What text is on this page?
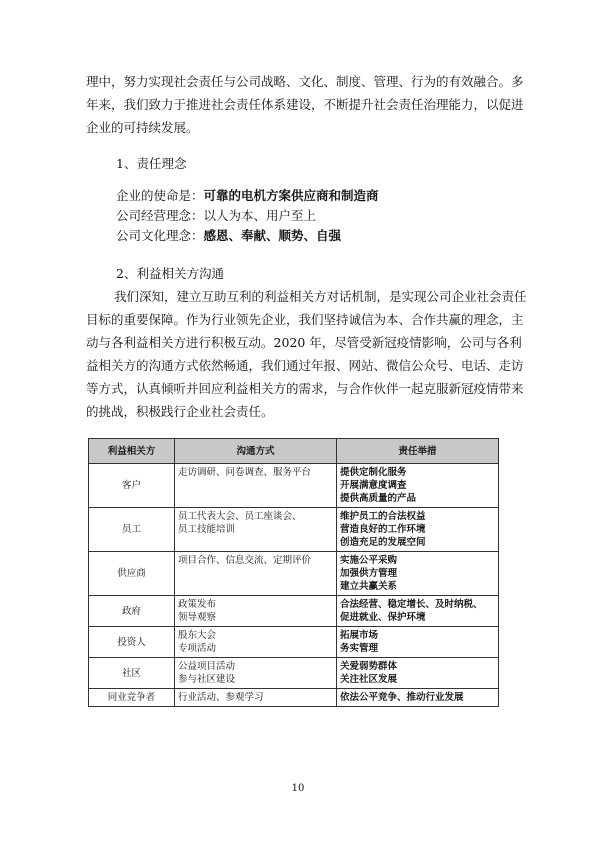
理中，努力实现社会责任与公司战略、文化、制度、管理、行为的有效融合。多
年来，我们致力于推进社会责任体系建设，不断提升社会责任治理能力，以促进
企业的可持续发展。

1、责任理念

企业的使命是：可靠的电机方案供应商和制造商
公司经营理念：以人为本、用户至上
公司文化理念：感恩、奉献、顺势、自强

2、利益相关方沟通

我们深知，建立互助互利的利益相关方对话机制，是实现公司企业社会责任
目标的重要保障。作为行业领先企业，我们坚持诚信为本、合作共赢的理念，主
动与各利益相关方进行积极互动。2020 年，尽管受新冠疫情影响，公司与各利
益相关方的沟通方式依然畅通，我们通过年报、网站、微信公众号、电话、走访
等方式，认真倾听并回应利益相关方的需求，与合作伙伴一起克服新冠疫情带来
的挑战，积极践行企业社会责任。
利益相关方	沟通方式	责任举措
客户	走访调研、问卷调查、服务平台	提供定制化服务
开展满意度调查
提供高质量的产品

员工	员工代表大会、员工座谈会、
员工技能培训	维护员工的合法权益
营造良好的工作环境
创造充足的发展空间

供应商	项目合作、信息交流、定期评价	实施公平采购
加强供方管理
建立共赢关系

政府	政策发布
领导观察	合法经营、稳定增长、及时纳税、
促进就业、保护环境

投资人	股东大会
专项活动	拓展市场
务实管理

社区	公益项目活动
参与社区建设	关爱弱势群体
关注社区发展

同业竞争者	行业活动、参观学习	依法公平竞争、推动行业发展
10
